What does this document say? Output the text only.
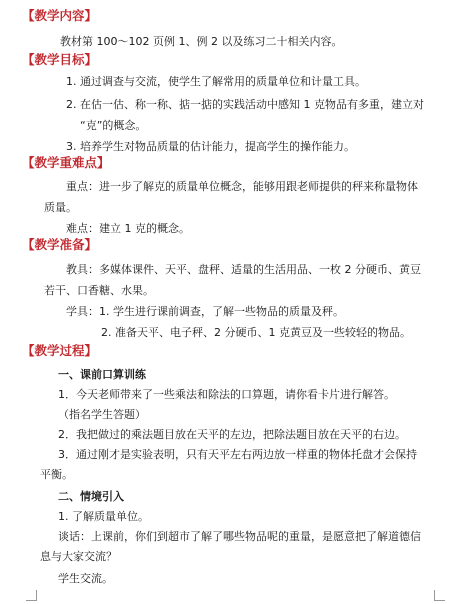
【教学内容】
教材第 100～102 页例 1、例 2 以及练习二十相关内容。
【教学目标】
1. 通过调查与交流，使学生了解常用的质量单位和计量工具。
2. 在估一估、称一称、掂一掂的实践活动中感知 1 克物品有多重，建立对
“克”的概念。
3. 培养学生对物品质量的估计能力，提高学生的操作能力。
【教学重难点】
重点：进一步了解克的质量单位概念，能够用跟老师提供的秤来称量物体
质量。
难点：建立 1 克的概念。
【教学准备】
教具：多媒体课件、天平、盘秤、适量的生活用品、一枚 2 分硬币、黄豆
若干、口香糖、水果。
学具：1. 学生进行课前调查，了解一些物品的质量及秤。
2. 准备天平、电子秤、2 分硬币、1 克黄豆及一些较轻的物品。
【教学过程】
一、课前口算训练
1．今天老师带来了一些乘法和除法的口算题，请你看卡片进行解答。
（指名学生答题）
2．我把做过的乘法题目放在天平的左边，把除法题目放在天平的右边。
3．通过刚才是实验表明，只有天平左右两边放一样重的物体托盘才会保持
平衡。
二、情境引入
1. 了解质量单位。
谈话：上课前，你们到超市了解了哪些物品呢的重量，是愿意把了解道德信
息与大家交流？
学生交流。
